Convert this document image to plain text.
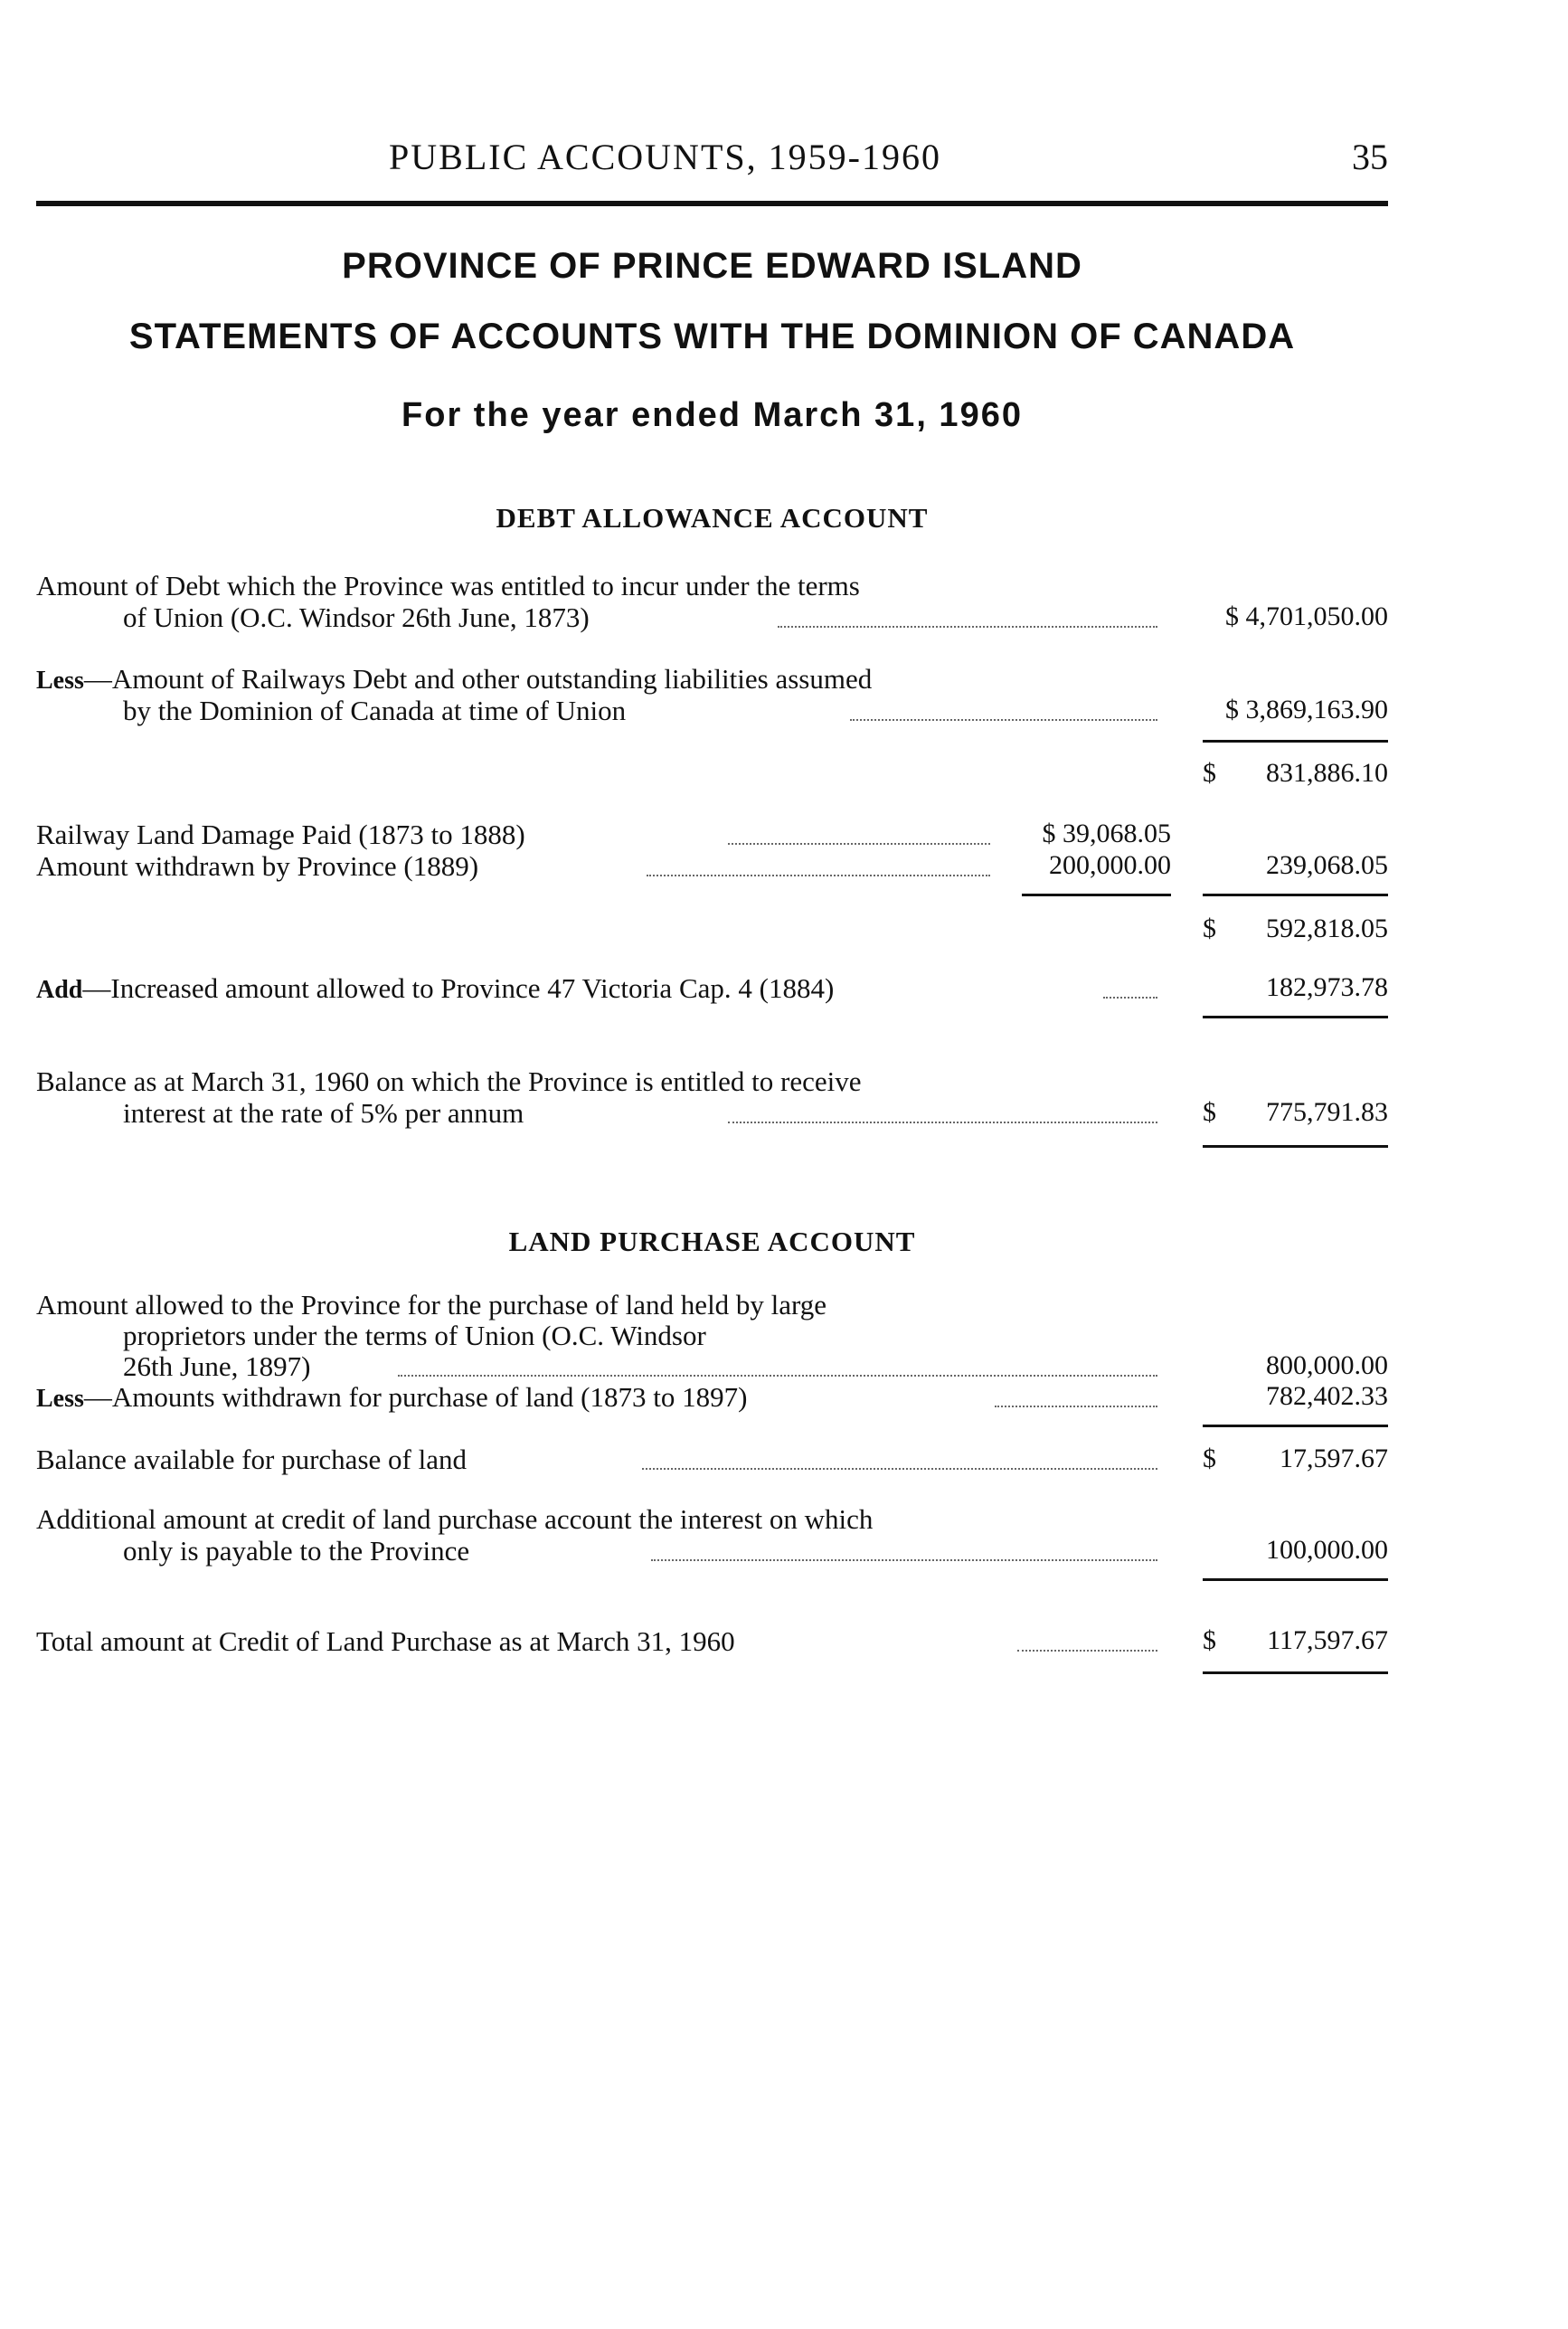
PUBLIC ACCOUNTS, 1959-1960	35
PROVINCE OF PRINCE EDWARD ISLAND
STATEMENTS OF ACCOUNTS WITH THE DOMINION OF CANADA
For the year ended March 31, 1960
DEBT ALLOWANCE ACCOUNT
Amount of Debt which the Province was entitled to incur under the terms
of Union (O.C. Windsor 26th June, 1873)	$ 4,701,050.00
Less—Amount of Railways Debt and other outstanding liabilities assumed
by the Dominion of Canada at time of Union	$ 3,869,163.90
$	831,886.10
Railway Land Damage Paid (1873 to 1888)	$ 39,068.05
Amount withdrawn by Province (1889)	200,000.00	239,068.05
$	592,818.05
Add—Increased amount allowed to Province 47 Victoria Cap. 4 (1884)	182,973.78
Balance as at March 31, 1960 on which the Province is entitled to receive
interest at the rate of 5% per annum	$	775,791.83
LAND PURCHASE ACCOUNT
Amount allowed to the Province for the purchase of land held by large
proprietors under the terms of Union (O.C. Windsor
26th June, 1897)	800,000.00
Less—Amounts withdrawn for purchase of land (1873 to 1897)	782,402.33
Balance available for purchase of land	$	17,597.67
Additional amount at credit of land purchase account the interest on which
only is payable to the Province	100,000.00
Total amount at Credit of Land Purchase as at March 31, 1960	$	117,597.67
